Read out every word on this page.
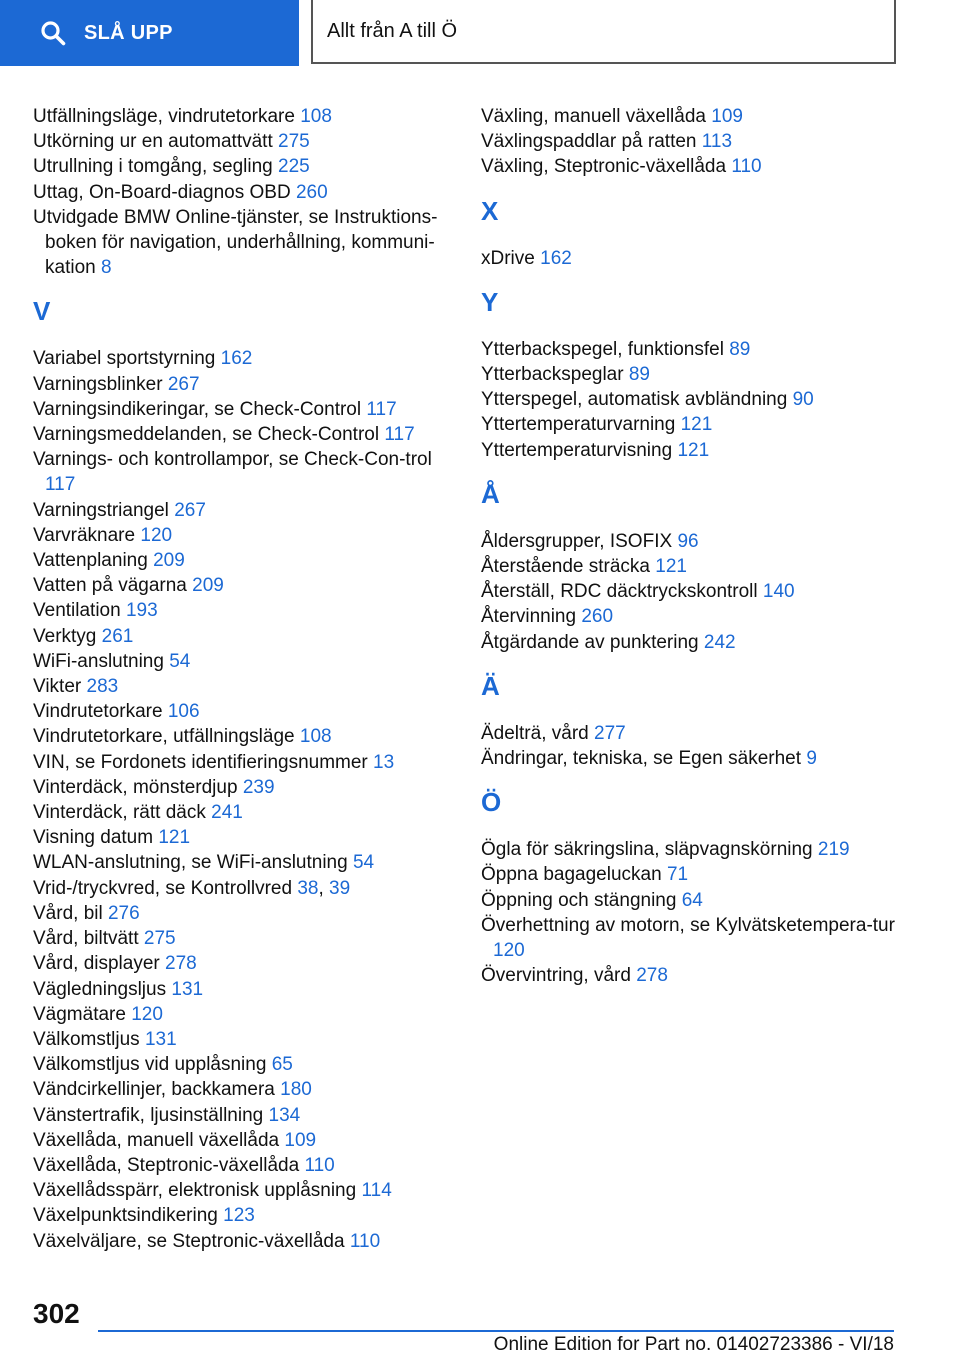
SLÅ UPP	Allt från A till Ö
Utfällningsläge, vindrutetorkare 108
Utkörning ur en automattvätt 275
Utrullning i tomgång, segling 225
Uttag, On-Board-diagnos OBD 260
Utvidgade BMW Online-tjänster, se Instruktions-boken för navigation, underhållning, kommuni-kation 8
V
Variabel sportstyrning 162
Varningsblinker 267
Varningsindikeringar, se Check-Control 117
Varningsmeddelanden, se Check-Control 117
Varnings- och kontrollampor, se Check-Con-trol 117
Varningstriangel 267
Varvräknare 120
Vattenplaning 209
Vatten på vägarna 209
Ventilation 193
Verktyg 261
WiFi-anslutning 54
Vikter 283
Vindrutetorkare 106
Vindrutetorkare, utfällningsläge 108
VIN, se Fordonets identifieringsnummer 13
Vinterdäck, mönsterdjup 239
Vinterdäck, rätt däck 241
Visning datum 121
WLAN-anslutning, se WiFi-anslutning 54
Vrid-/tryckvred, se Kontrollvred 38, 39
Vård, bil 276
Vård, biltvätt 275
Vård, displayer 278
Vägledningsljus 131
Vägmätare 120
Välkomstljus 131
Välkomstljus vid upplåsning 65
Vändcirkellinjer, backkamera 180
Vänstertrafik, ljusinställning 134
Växellåda, manuell växellåda 109
Växellåda, Steptronic-växellåda 110
Växellådsspärr, elektronisk upplåsning 114
Växelpunktsindikering 123
Växelväljare, se Steptronic-växellåda 110
Växling, manuell växellåda 109
Växlingspaddlar på ratten 113
Växling, Steptronic-växellåda 110
X
xDrive 162
Y
Ytterbackspegel, funktionsfel 89
Ytterbackspeglar 89
Ytterspegel, automatisk avbländning 90
Yttertemperaturvarning 121
Yttertemperaturvisning 121
Å
Åldersgrupper, ISOFIX 96
Återstående sträcka 121
Återställ, RDC däcktryckskontroll 140
Återvinning 260
Åtgärdande av punktering 242
Ä
Ädelträ, vård 277
Ändringar, tekniska, se Egen säkerhet 9
Ö
Ögla för säkringslina, släpvagnskörning 219
Öppna bagageluckan 71
Öppning och stängning 64
Överhettning av motorn, se Kylvätsketempera-tur 120
Övervintring, vård 278
302
Online Edition for Part no. 01402723386 - VI/18
